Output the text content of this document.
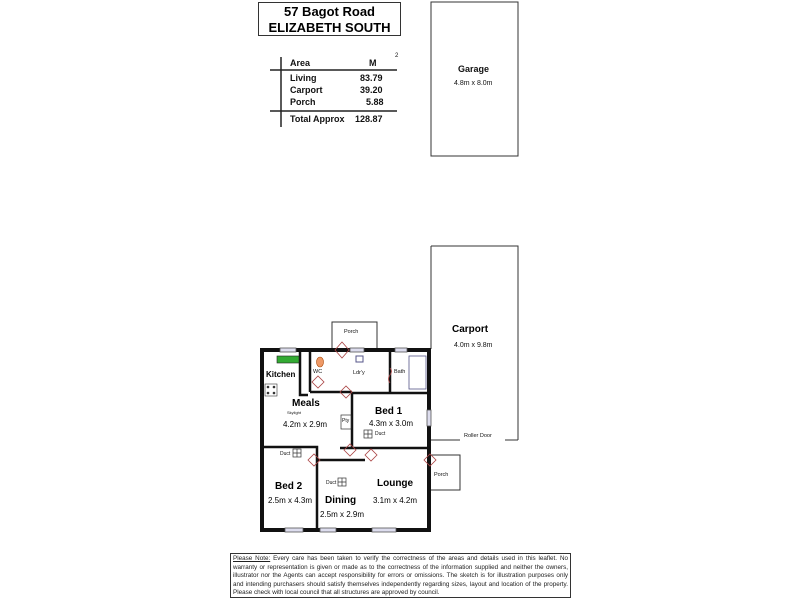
57 Bagot Road
ELIZABETH SOUTH
Area	M
2
Living	83.79
Carport	39.20
Porch	5.88
Total Approx 128.87
Garage
4.8m x 8.0m
Carport
4.0m x 9.8m
Roller Door
Porch
Porch
Kitchen	WC	Ldr'y	Bath
Meals
Skylight
4.2m x 2.9m	Pty
Bed 1
4.3m x 3.0m
Duct
Duct
Duct
Bed 2
2.5m x 4.3m Dining
2.5m x 2.9m
Lounge
3.1m x 4.2m
Please Note: Every care has been taken to verify the correctness of the areas and details used in this leaflet. No warranty or representation is given or made as to the correctness of the information supplied and neither the owners, illustrator nor the Agents can accept responsibility for errors or omissions. The sketch is for illustration purposes only and intending purchasers should satisfy themselves independently regarding sizes, layout and location of the property. Please check with local council that all structures are approved by council.
